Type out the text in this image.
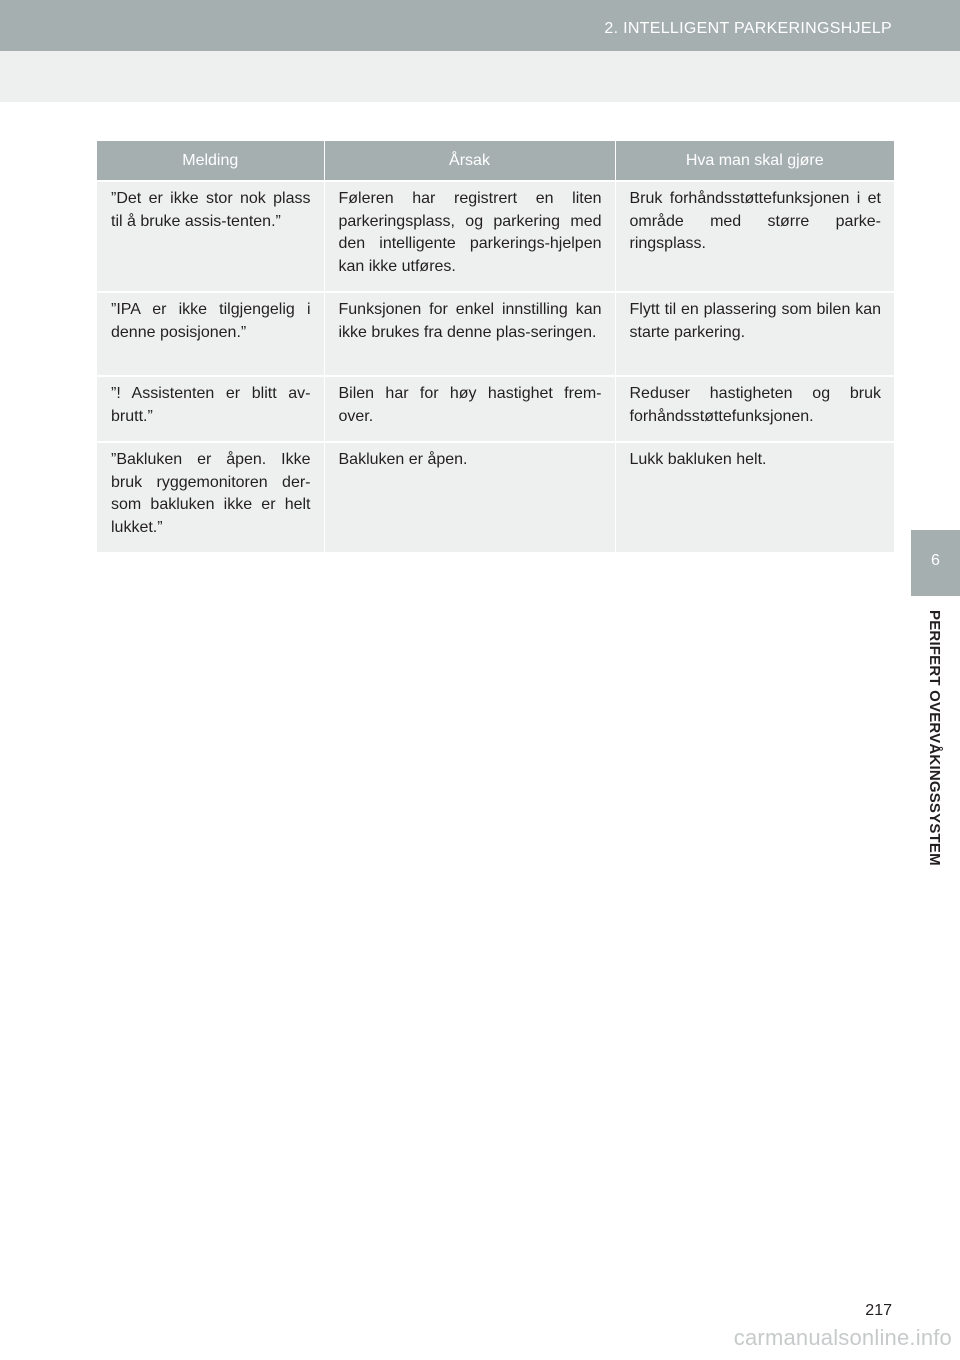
2. INTELLIGENT PARKERINGSHJELP
6
PERIFERT OVERVÅKINGSSYSTEM
Melding	Årsak	Hva man skal gjøre
”Det er ikke stor nok plass til å bruke assis-tenten.”	Føleren har registrert en liten parkeringsplass, og parkering med den intelligente parkerings-hjelpen kan ikke utføres.	Bruk forhåndsstøttefunksjonen i et område med større parke-ringsplass.
”IPA er ikke tilgjengelig i denne posisjonen.”	Funksjonen for enkel innstilling kan ikke brukes fra denne plas-seringen.	Flytt til en plassering som bilen kan starte parkering.
”! Assistenten er blitt av-brutt.”	Bilen har for høy hastighet frem-over.	Reduser hastigheten og bruk forhåndsstøttefunksjonen.
”Bakluken er åpen. Ikke bruk ryggemonitoren der-som bakluken ikke er helt lukket.”	Bakluken er åpen.	Lukk bakluken helt.
217
carmanualsonline.info
